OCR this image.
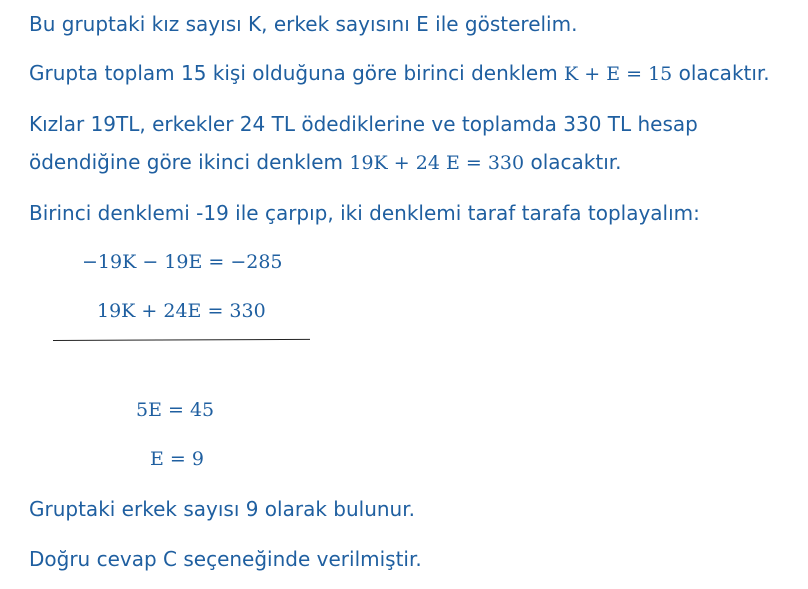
Bu gruptaki kız sayısı K, erkek sayısını E ile gösterelim.
Grupta toplam 15 kişi olduğuna göre birinci denklem K + E = 15 olacaktır.
Kızlar 19TL, erkekler 24 TL ödediklerine ve toplamda 330 TL hesap
ödendiğine göre ikinci denklem 19K + 24 E = 330 olacaktır.
Birinci denklemi -19 ile çarpıp, iki denklemi taraf tarafa toplayalım:
−19K − 19E = −285
19K + 24E = 330
5E = 45
E = 9
Gruptaki erkek sayısı 9 olarak bulunur.
Doğru cevap C seçeneğinde verilmiştir.
